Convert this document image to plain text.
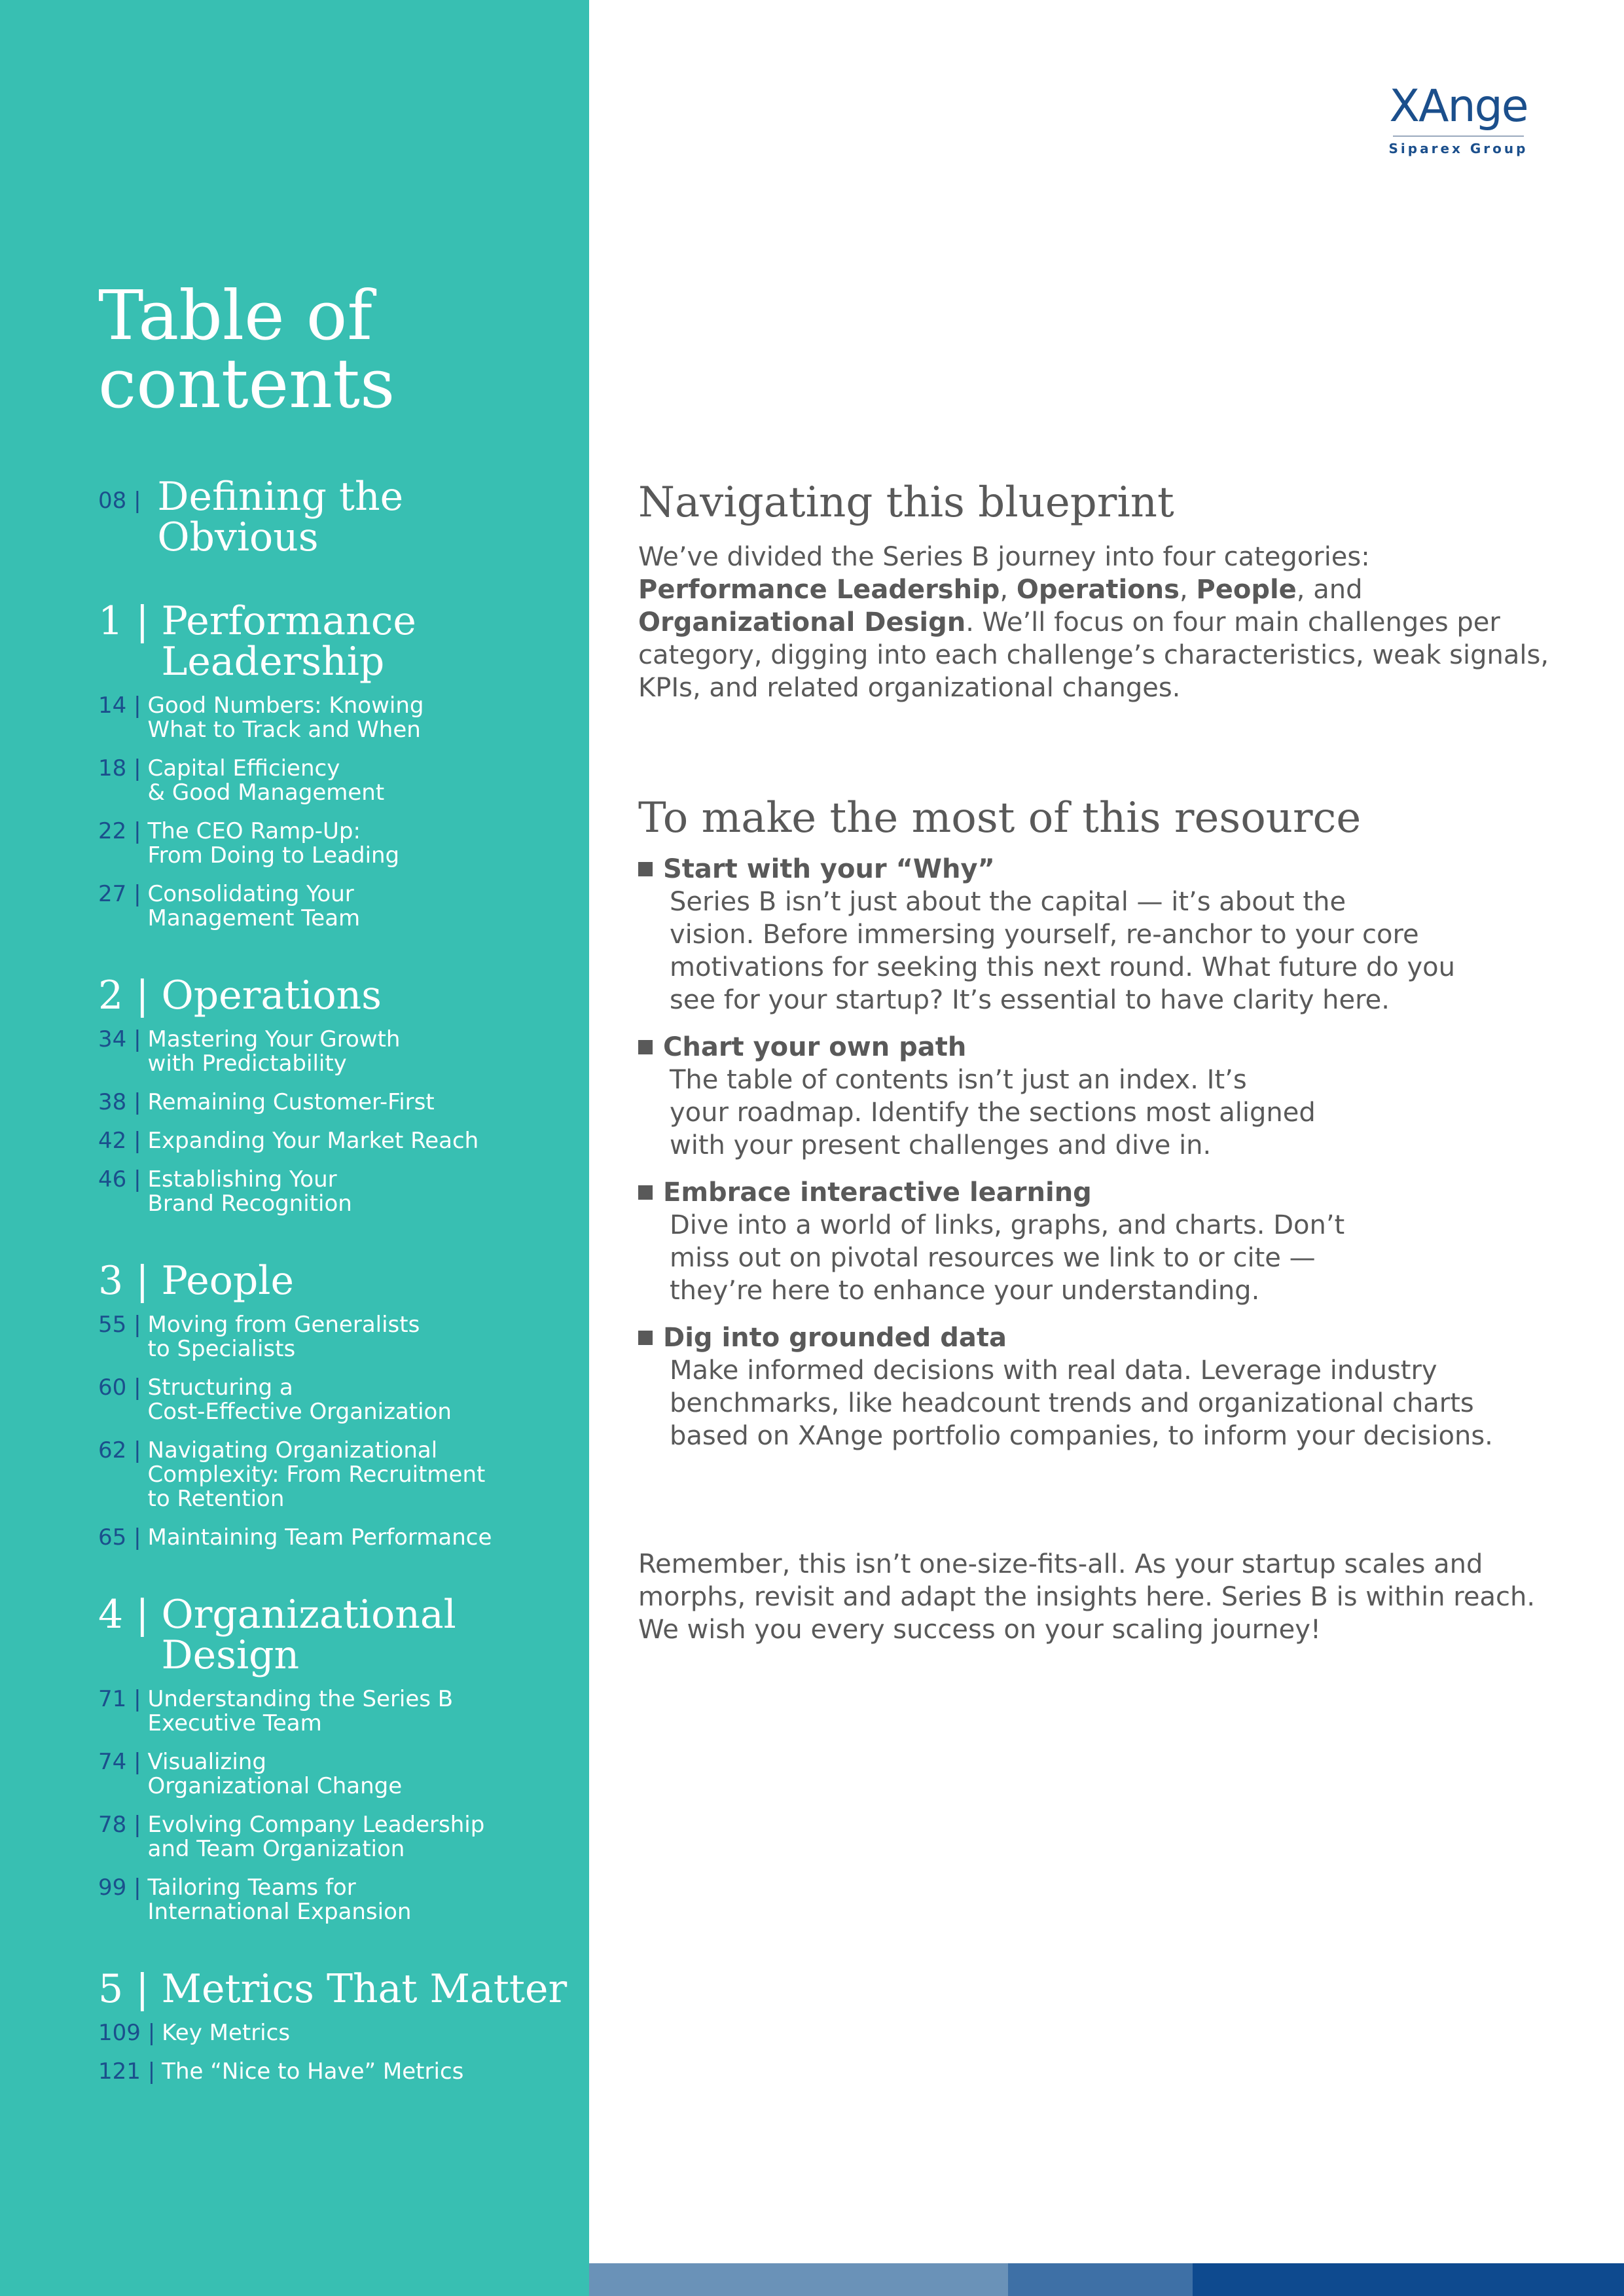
Table of
contents
08 | Defining the
Obvious
1 | Performance
Leadership
14 | Good Numbers: Knowing
What to Track and When
18 | Capital Efficiency
& Good Management
22 | The CEO Ramp-Up:
From Doing to Leading
27 | Consolidating Your
Management Team
2 | Operations
34 | Mastering Your Growth
with Predictability
38 | Remaining Customer-First
42 | Expanding Your Market Reach
46 | Establishing Your
Brand Recognition
3 | People
55 | Moving from Generalists
to Specialists
60 | Structuring a
Cost-Effective Organization
62 | Navigating Organizational
Complexity: From Recruitment
to Retention
65 | Maintaining Team Performance
4 | Organizational
Design
71 | Understanding the Series B
Executive Team
74 | Visualizing
Organizational Change
78 | Evolving Company Leadership
and Team Organization
99 | Tailoring Teams for
International Expansion
5 | Metrics That Matter
109 | Key Metrics
121 | The “Nice to Have” Metrics
XAnge
Siparex Group
Navigating this blueprint

We’ve divided the Series B journey into four categories:
Performance Leadership, Operations, People, and Organizational Design. We’ll focus on four main challenges per category, digging into each challenge’s characteristics, weak signals, KPIs, and related organizational changes.

To make the most of this resource
Start with your “Why”
Series B isn’t just about the capital — it’s about the
vision. Before immersing yourself, re-anchor to your core
motivations for seeking this next round. What future do you
see for your startup? It’s essential to have clarity here.
Chart your own path
The table of contents isn’t just an index. It’s
your roadmap. Identify the sections most aligned
with your present challenges and dive in.
Embrace interactive learning
Dive into a world of links, graphs, and charts. Don’t
miss out on pivotal resources we link to or cite —
they’re here to enhance your understanding.
Dig into grounded data
Make informed decisions with real data. Leverage industry
benchmarks, like headcount trends and organizational charts
based on XAnge portfolio companies, to inform your decisions.

Remember, this isn’t one-size-fits-all. As your startup scales and morphs, revisit and adapt the insights here. Series B is within reach. We wish you every success on your scaling journey!
